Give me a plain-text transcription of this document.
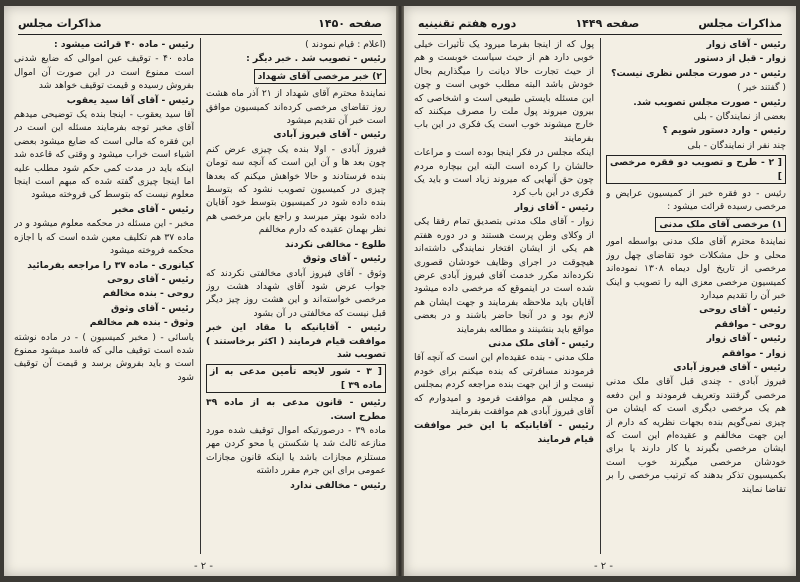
صفحه ۱۴۵۰
مذاکرات مجلس

(اعلام : قیام نمودند )

رئیس - تصویب شد . خبر دیگر :

۲) خبر مرخصی آقای شهداد

نمایندهٔ محترم آقای شهداد از ۲۱ آذر ماه هشت روز تقاضای مرخصی کرده‌اند کمیسیون موافق است خبر آن تقدیم میشود

رئیس - آقای فیروز آبادی

فیروز آبادی - اولا بنده یک چیزی عرض کنم چون بعد ها و آن این است که آنچه سه تومان بنده فرستادند و حالا خواهش میکنم که بعدها چیزی در کمیسیون تصویب نشود که بتوسط بنده داده شود در کمیسیون بتوسط خود آقایان داده شود بهتر میرسد و راجع باین مرخصی هم نظر بهمان عقیده که دارم مخالفم

طلوع - مخالفی نکردند

رئیس - آقای وثوق

وثوق - آقای فیروز آبادی مخالفتی نکردند که جواب عرض شود آقای شهداد هشت روز مرخصی خواسته‌اند و این هشت روز چیز دیگر قبل نیست که مخالفتی در آن بشود

رئیس - آقایانیکه با مقاد این خبر موافقت قیام فرمایند ( اکثر برخاستند ) تصویب شد

[ ۳ - شور لایحه تأمین مدعی به از ماده ۳۹ ]

رئیس - قانون مدعی به از ماده ۳۹ مطرح است.

ماده ۳۹ - درصورتیکه اموال توقیف شده مورد منازعه ثالث شد یا شکستن یا محو کردن مهر مستلزم مجازات باشد یا اینکه قانون مجازات عمومی برای این جرم مقرر داشته

رئیس - مخالفی ندارد

رئیس - ماده ۴۰ قرائت میشود :

ماده ۴۰ - توقیف عین اموالی که ضایع شدنی است ممنوع است در این صورت آن اموال بفروش رسیده و قیمت توقیف خواهد شد

رئیس - آقای آقا سید یعقوب

آقا سید یعقوب - اینجا بنده یک توضیحی میدهم آقای مخبر توجه بفرمایند مسئله این است در این فقره که مالی است که ضایع میشود بعضی اشیاء است خراب میشود و وقتی که قاعده شد اینکه باید در مدت کمی حکم شود مطلب علیه اما اینجا چیزی گفته شده که مبهم است اینجا معلوم نیست که بتوسط کی فروخته میشود

رئیس - آقای مخبر

مخبر - این مسئله در محکمه معلوم میشود و در ماده ۳۷ هم تکلیف معین شده است که با اجازه محکمه فروخته میشود

کیانوری - ماده ۳۷ را مراجعه بفرمائید

رئیس - آقای روحی

روحی - بنده مخالفم

رئیس - آقای وثوق

وثوق - بنده هم مخالفم

یاسائی - ( مخبر کمیسیون ) - در ماده نوشته شده است توقیف مالی که فاسد میشود ممنوع است و باید بفروش برسد و قیمت آن توقیف شود

- ۲ -
مذاکرات مجلس
صفحه ۱۴۴۹
دوره هفتم تقنینیه

رئیس - آقای زوار

زوار - قبل از دستور

رئیس - در صورت مجلس نظری نیست؟

( گفتند خیر )

رئیس - صورت مجلس تصویب شد.

بعضی از نمایندگان - بلی

رئیس - وارد دستور شویم ؟

چند نفر از نمایندگان - بلی

[ ۲ - طرح و تصویب دو فقره مرخصی ]

رئیس - دو فقره خبر از کمیسیون عرایض و مرخصی رسیده قرائت میشود :

۱) مرخصی آقای ملک مدنی

نمایندهٔ محترم آقای ملک مدنی بواسطه امور محلی و حل مشکلات خود تقاضای چهل روز مرخصی از تاریخ اول دیماه ۱۳۰۸ نموده‌اند کمیسیون مرخصی معزی الیه را تصویب و اینک خبر آن را تقدیم میدارد

رئیس - آقای روحی

روحی - موافقم

رئیس - آقای زوار

زوار - موافقم

رئیس - آقای فیروز آبادی

فیروز آبادی - چندی قبل آقای ملک مدنی مرخصی گرفتند وتعریف فرمودند و این دفعه هم یک مرخصی دیگری است که ایشان من چیزی نمی‌گویم بنده بجهات نظریه که دارم از این جهت مخالفم و عقیده‌ام این است که ایشان مرخصی بگیرند یا کار دارند یا برای خودشان مرخصی میگیرند خوب است بکمیسیون تذکر بدهند که ترتیب مرخصی را بر تقاضا نمایند

پول که از اینجا بفرما میرود یک تأثیرات خیلی خوبی دارد هم از حیث سیاست خوبست و هم از حیث تجارت حالا دیانت را میگذاریم بحال خودش باشد البته مطلب خوبی است و چون این مسئله بایستی طبیعی است و اشخاصی که بیرون میروند پول ملت را مصرف میکنند که خارج میشوند خوب است یک فکری در این باب بفرمایند

اینکه مجلس در فکر اینجا بوده است و مراعات حالشان را کرده است البته این بیچاره مردم چون حق آنهایی که میروند زیاد است و باید یک فکری در این باب کرد

رئیس - آقای زوار

زوار - آقای ملک مدنی بتصدیق تمام رفقا یکی از وکلای وطن پرست هستند و در دوره هفتم هم یکی از ایشان افتخار نمایندگی داشته‌اند هیچوقت در اجرای وظایف خودشان قصوری نکرده‌اند مکرر خدمت آقای فیروز آبادی عرض شده است در اینموقع که مرخصی داده میشود آقایان باید ملاحظه بفرمایند و جهت ایشان هم لازم بود و در آنجا حاضر باشند و در بعضی مواقع باید بنشینند و مطالعه بفرمایند

رئیس - آقای ملک مدنی

ملک مدنی - بنده عقیده‌ام این است که آنچه آقا فرمودند مسافرتی که بنده میکنم برای خودم نیست و از این جهت بنده مراجعه کردم بمجلس و مجلس هم موافقت فرمود و امیدوارم که آقای فیروز آبادی هم موافقت بفرمایند

رئیس - آقایانیکه با این خبر موافقت قیام فرمایند

- ۲ -
